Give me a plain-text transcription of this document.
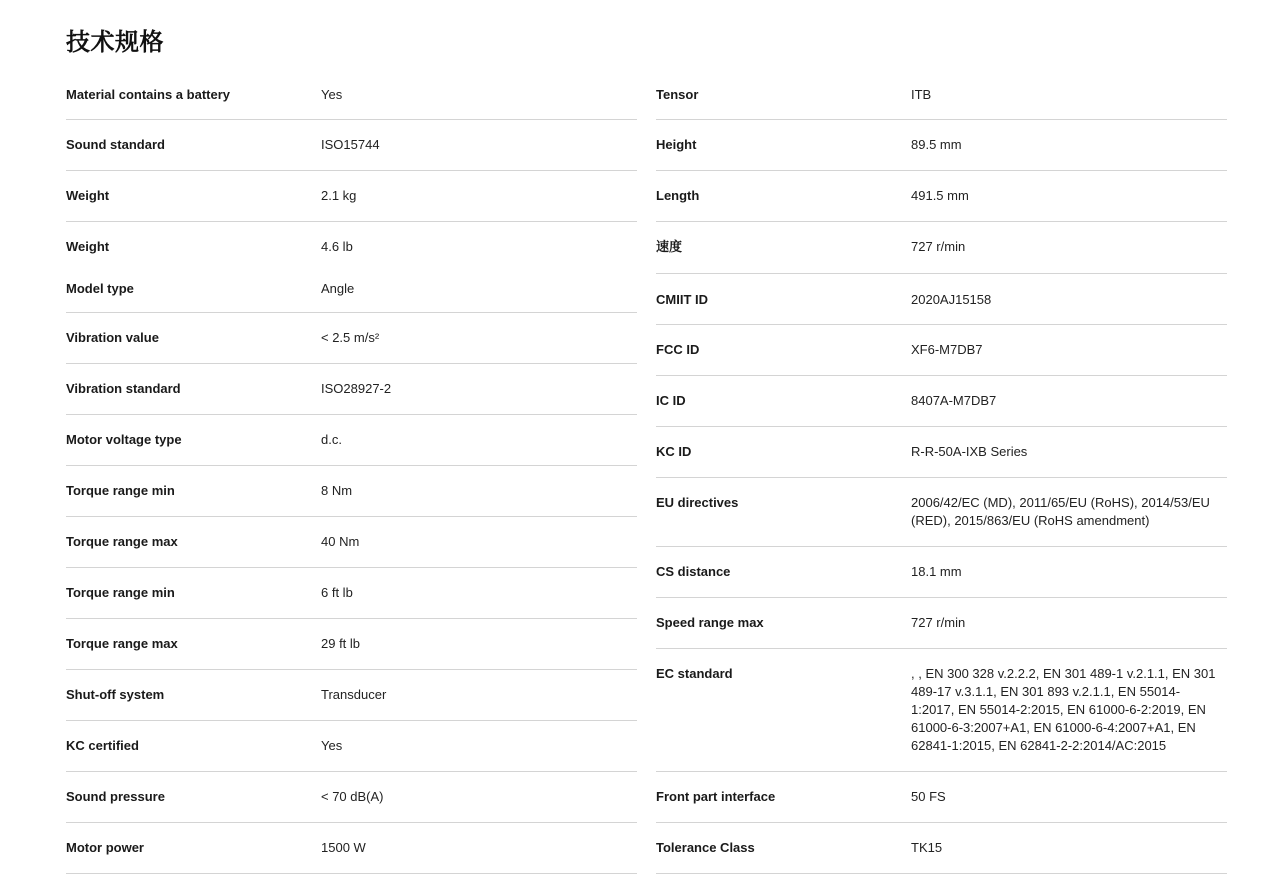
技术规格
Material contains a battery	Yes
Sound standard	ISO15744
Weight	2.1 kg
Weight	4.6 lb
Model type	Angle
Vibration value	< 2.5 m/s²
Vibration standard	ISO28927-2
Motor voltage type	d.c.
Torque range min	8 Nm
Torque range max	40 Nm
Torque range min	6 ft lb
Torque range max	29 ft lb
Shut-off system	Transducer
KC certified	Yes
Sound pressure	< 70 dB(A)
Motor power	1500 W
Tensor	ITB
Height	89.5 mm
Length	491.5 mm
速度	727 r/min
CMIIT ID	2020AJ15158
FCC ID	XF6-M7DB7
IC ID	8407A-M7DB7
KC ID	R-R-50A-IXB Series
EU directives	2006/42/EC (MD), 2011/65/EU (RoHS), 2014/53/EU (RED), 2015/863/EU (RoHS amendment)
CS distance	18.1 mm
Speed range max	727 r/min
EC standard	, , EN 300 328 v.2.2.2, EN 301 489-1 v.2.1.1, EN 301 489-17 v.3.1.1, EN 301 893 v.2.1.1, EN 55014-1:2017, EN 55014-2:2015, EN 61000-6-2:2019, EN 61000-6-3:2007+A1, EN 61000-6-4:2007+A1, EN 62841-1:2015, EN 62841-2-2:2014/AC:2015
Front part interface	50 FS
Tolerance Class	TK15
